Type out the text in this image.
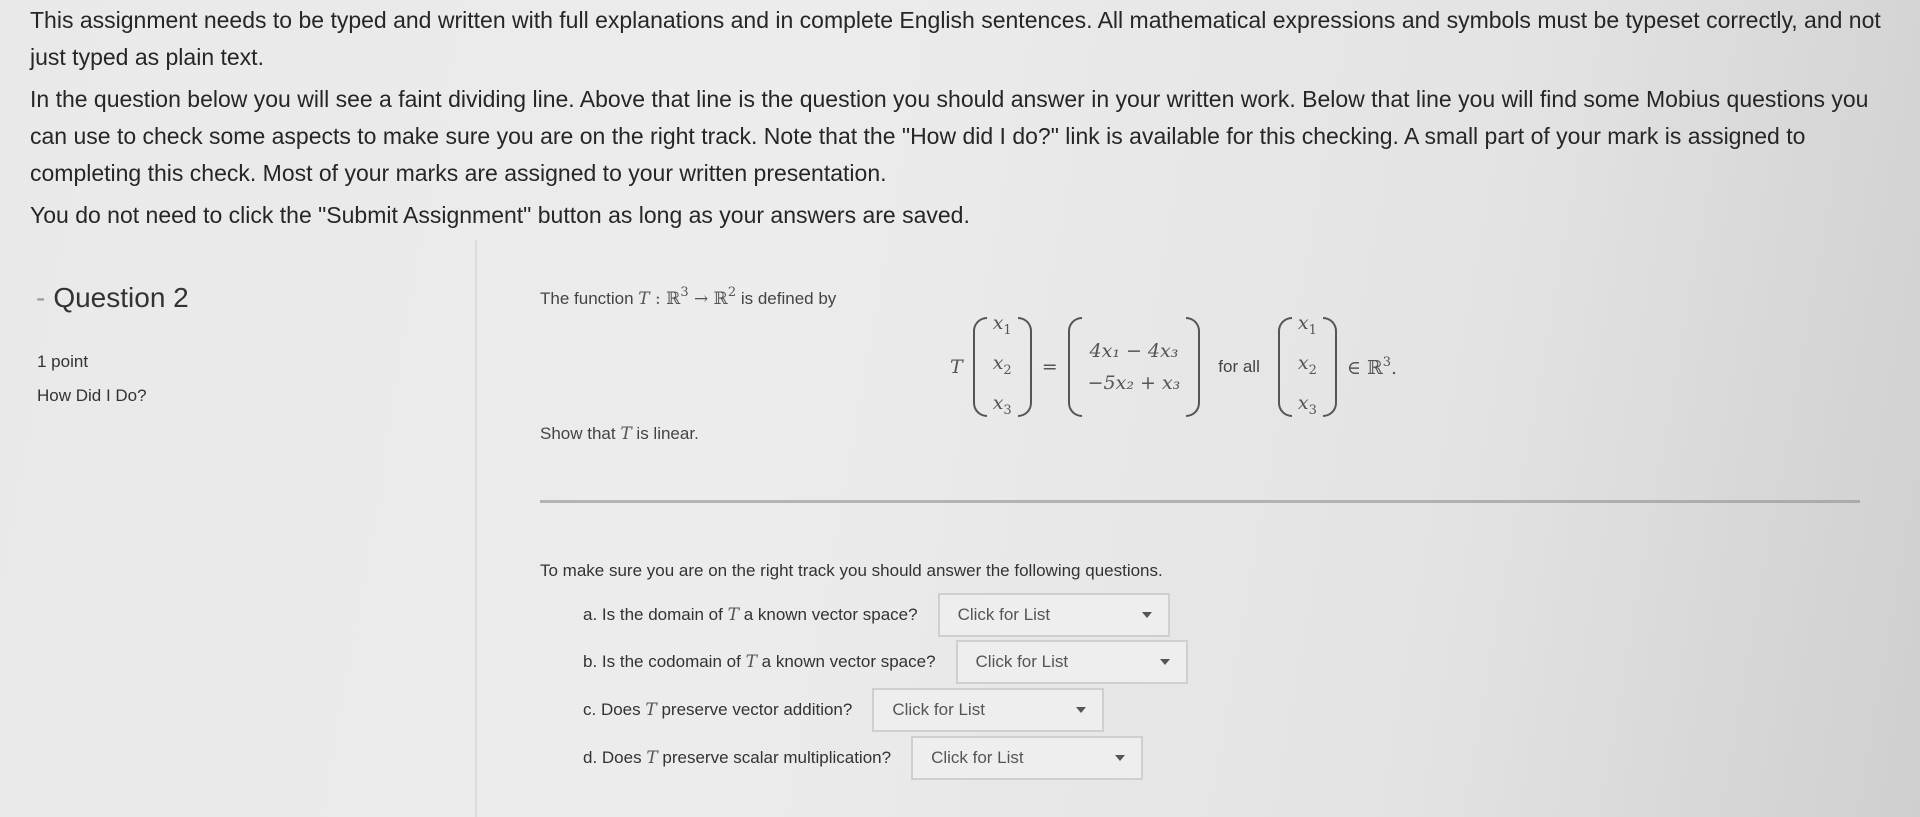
This assignment needs to be typed and written with full explanations and in complete English sentences. All mathematical expressions and symbols must be typeset correctly, and not just typed as plain text.

In the question below you will see a faint dividing line. Above that line is the question you should answer in your written work. Below that line you will find some Mobius questions you can use to check some aspects to make sure you are on the right track. Note that the "How did I do?" link is available for this checking. A small part of your mark is assigned to completing this check. Most of your marks are assigned to your written presentation.

You do not need to click the "Submit Assignment" button as long as your answers are saved.

- Question 2
1 point
How Did I Do?
The function T : ℝ$^3$ → ℝ$^2$ is defined by
T
$x_1$
$x_2$
$x_3$
=
4x₁ − 4x₃
−5x₂ + x₃
for all
$x_1$
$x_2$
$x_3$
∈ ℝ$^3$.
Show that T is linear.
To make sure you are on the right track you should answer the following questions.
a. Is the domain of T a known vector space? Click for List
b. Is the codomain of T a known vector space? Click for List
c. Does T preserve vector addition? Click for List
d. Does T preserve scalar multiplication? Click for List
